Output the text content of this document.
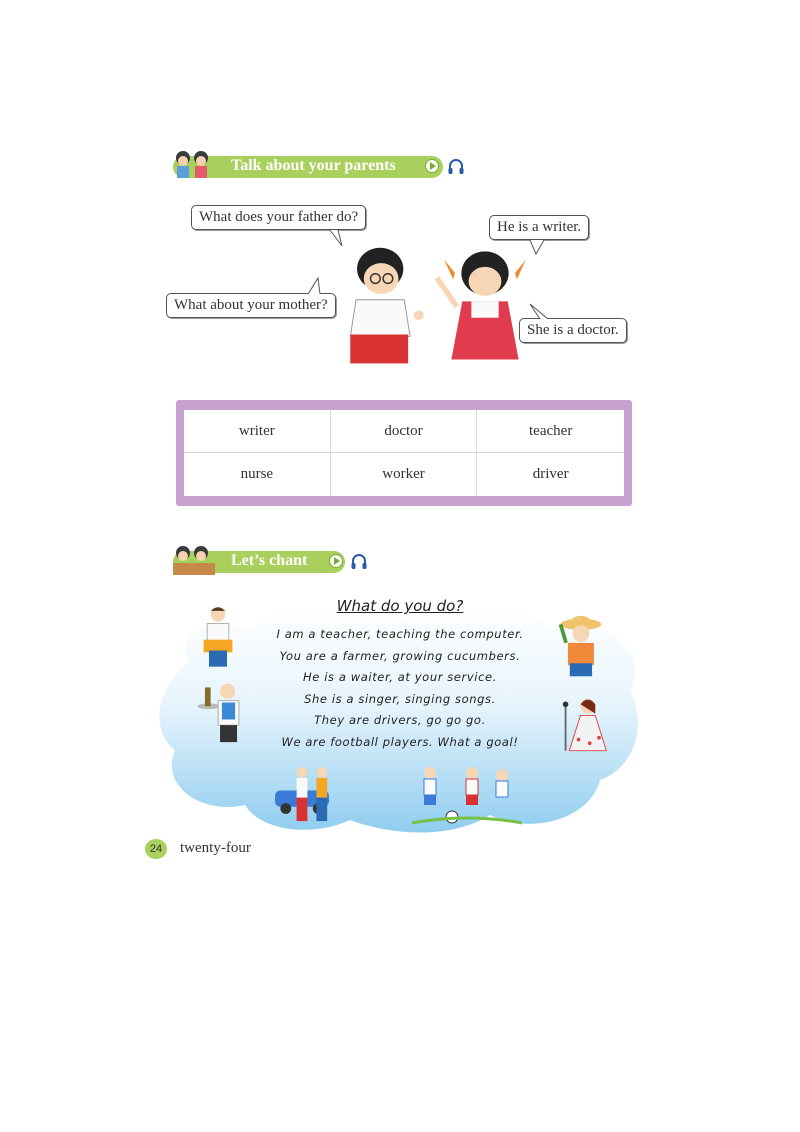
Talk about your parents
What does your father do?
He is a writer.
What about your mother?
She is a doctor.
writer	doctor	teacher
nurse	worker	driver
Let’s chant
What do you do?
I am a teacher, teaching the computer.
You are a farmer, growing cucumbers.
He is a waiter, at your service.
She is a singer, singing songs.
They are drivers, go go go.
We are football players. What a goal!
24	twenty-four
